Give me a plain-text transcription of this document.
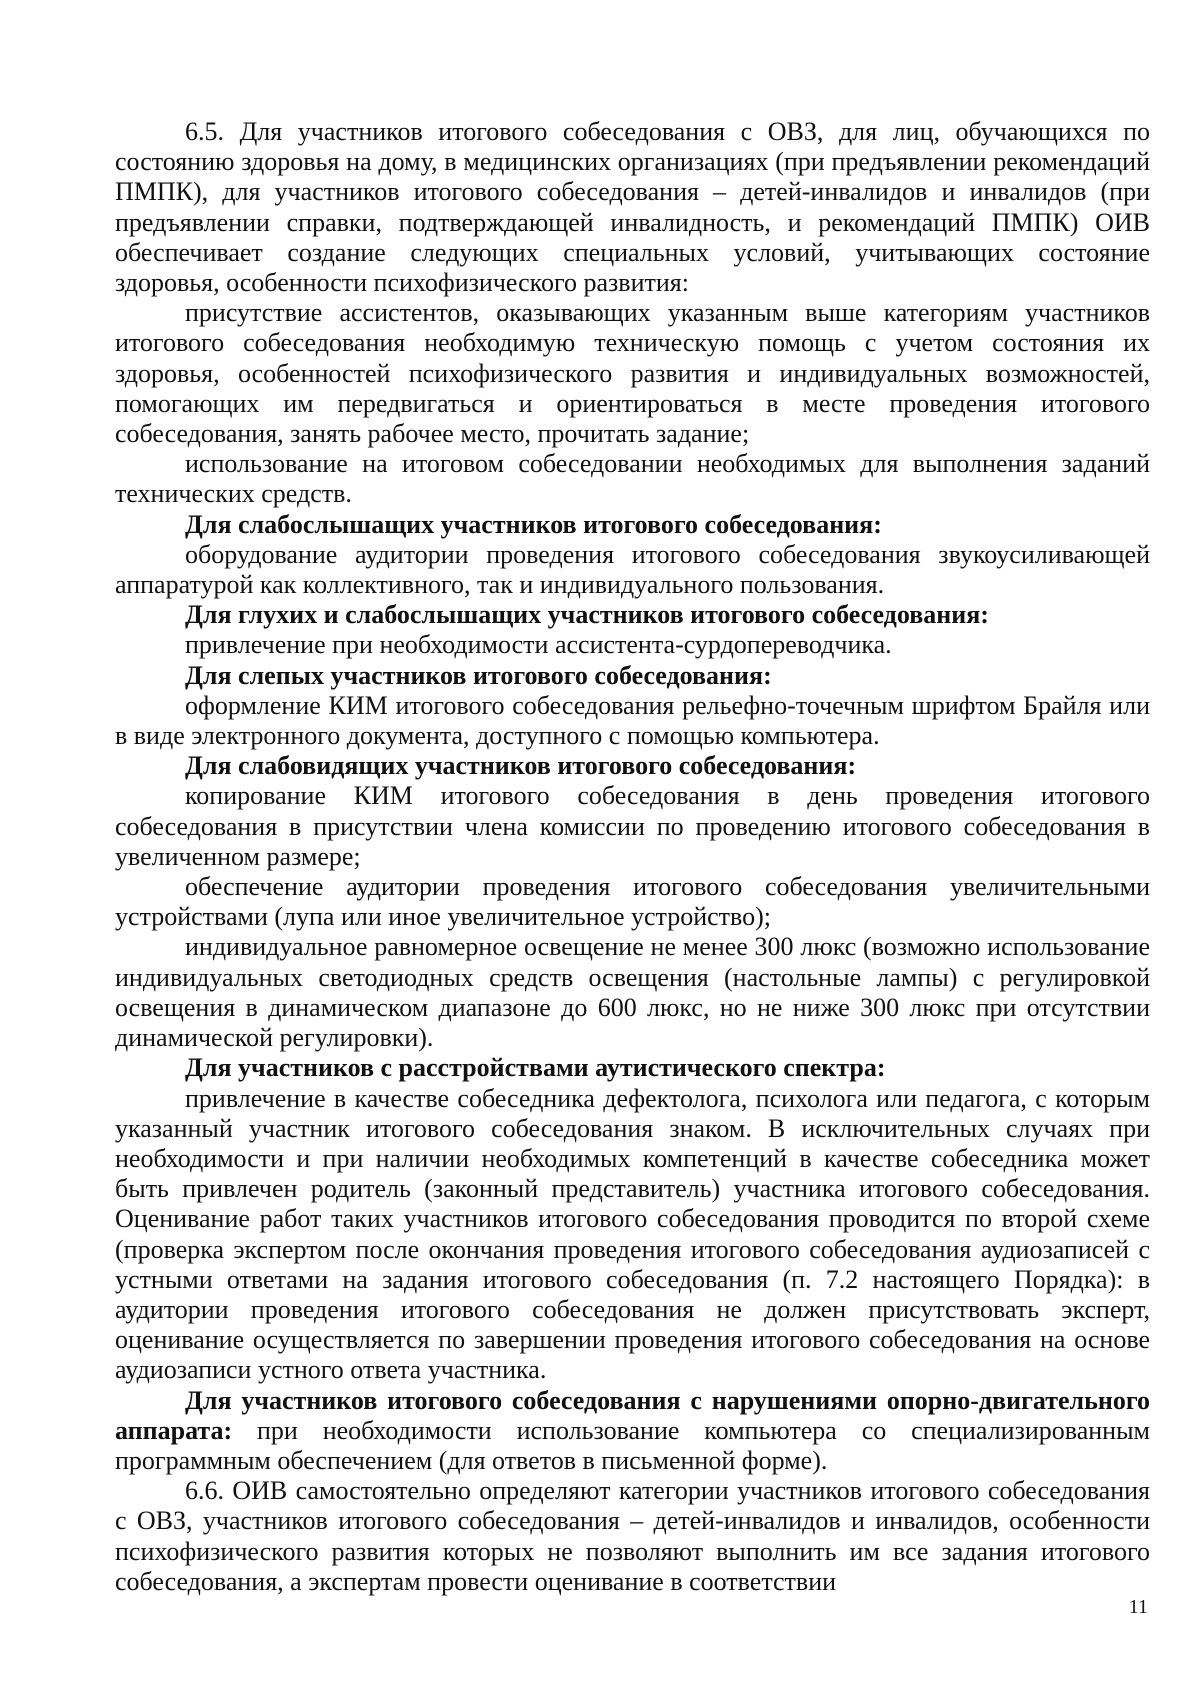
6.5. Для участников итогового собеседования с ОВЗ, для лиц, обучающихся по состоянию здоровья на дому, в медицинских организациях (при предъявлении рекомендаций ПМПК), для участников итогового собеседования – детей-инвалидов и инвалидов (при предъявлении справки, подтверждающей инвалидность, и рекомендаций ПМПК) ОИВ обеспечивает создание следующих специальных условий, учитывающих состояние здоровья, особенности психофизического развития:

присутствие ассистентов, оказывающих указанным выше категориям участников итогового собеседования необходимую техническую помощь с учетом состояния их здоровья, особенностей психофизического развития и индивидуальных возможностей, помогающих им передвигаться и ориентироваться в месте проведения итогового собеседования, занять рабочее место, прочитать задание;

использование на итоговом собеседовании необходимых для выполнения заданий технических средств.

Для слабослышащих участников итогового собеседования:

оборудование аудитории проведения итогового собеседования звукоусиливающей аппаратурой как коллективного, так и индивидуального пользования.

Для глухих и слабослышащих участников итогового собеседования:

привлечение при необходимости ассистента-сурдопереводчика.

Для слепых участников итогового собеседования:

оформление КИМ итогового собеседования рельефно-точечным шрифтом Брайля или в виде электронного документа, доступного с помощью компьютера.

Для слабовидящих участников итогового собеседования:

копирование КИМ итогового собеседования в день проведения итогового собеседования в присутствии члена комиссии по проведению итогового собеседования в увеличенном размере;

обеспечение аудитории проведения итогового собеседования увеличительными устройствами (лупа или иное увеличительное устройство);

индивидуальное равномерное освещение не менее 300 люкс (возможно использование индивидуальных светодиодных средств освещения (настольные лампы) с регулировкой освещения в динамическом диапазоне до 600 люкс, но не ниже 300 люкс при отсутствии динамической регулировки).

Для участников с расстройствами аутистического спектра:

привлечение в качестве собеседника дефектолога, психолога или педагога, с которым указанный участник итогового собеседования знаком. В исключительных случаях при необходимости и при наличии необходимых компетенций в качестве собеседника может быть привлечен родитель (законный представитель) участника итогового собеседования. Оценивание работ таких участников итогового собеседования проводится по второй схеме (проверка экспертом после окончания проведения итогового собеседования аудиозаписей с устными ответами на задания итогового собеседования (п. 7.2 настоящего Порядка): в аудитории проведения итогового собеседования не должен присутствовать эксперт, оценивание осуществляется по завершении проведения итогового собеседования на основе аудиозаписи устного ответа участника.

Для участников итогового собеседования с нарушениями опорно-двигательного аппарата: при необходимости использование компьютера со специализированным программным обеспечением (для ответов в письменной форме).

6.6. ОИВ самостоятельно определяют категории участников итогового собеседования с ОВЗ, участников итогового собеседования – детей-инвалидов и инвалидов, особенности психофизического развития которых не позволяют выполнить им все задания итогового собеседования, а экспертам провести оценивание в соответствии

11
